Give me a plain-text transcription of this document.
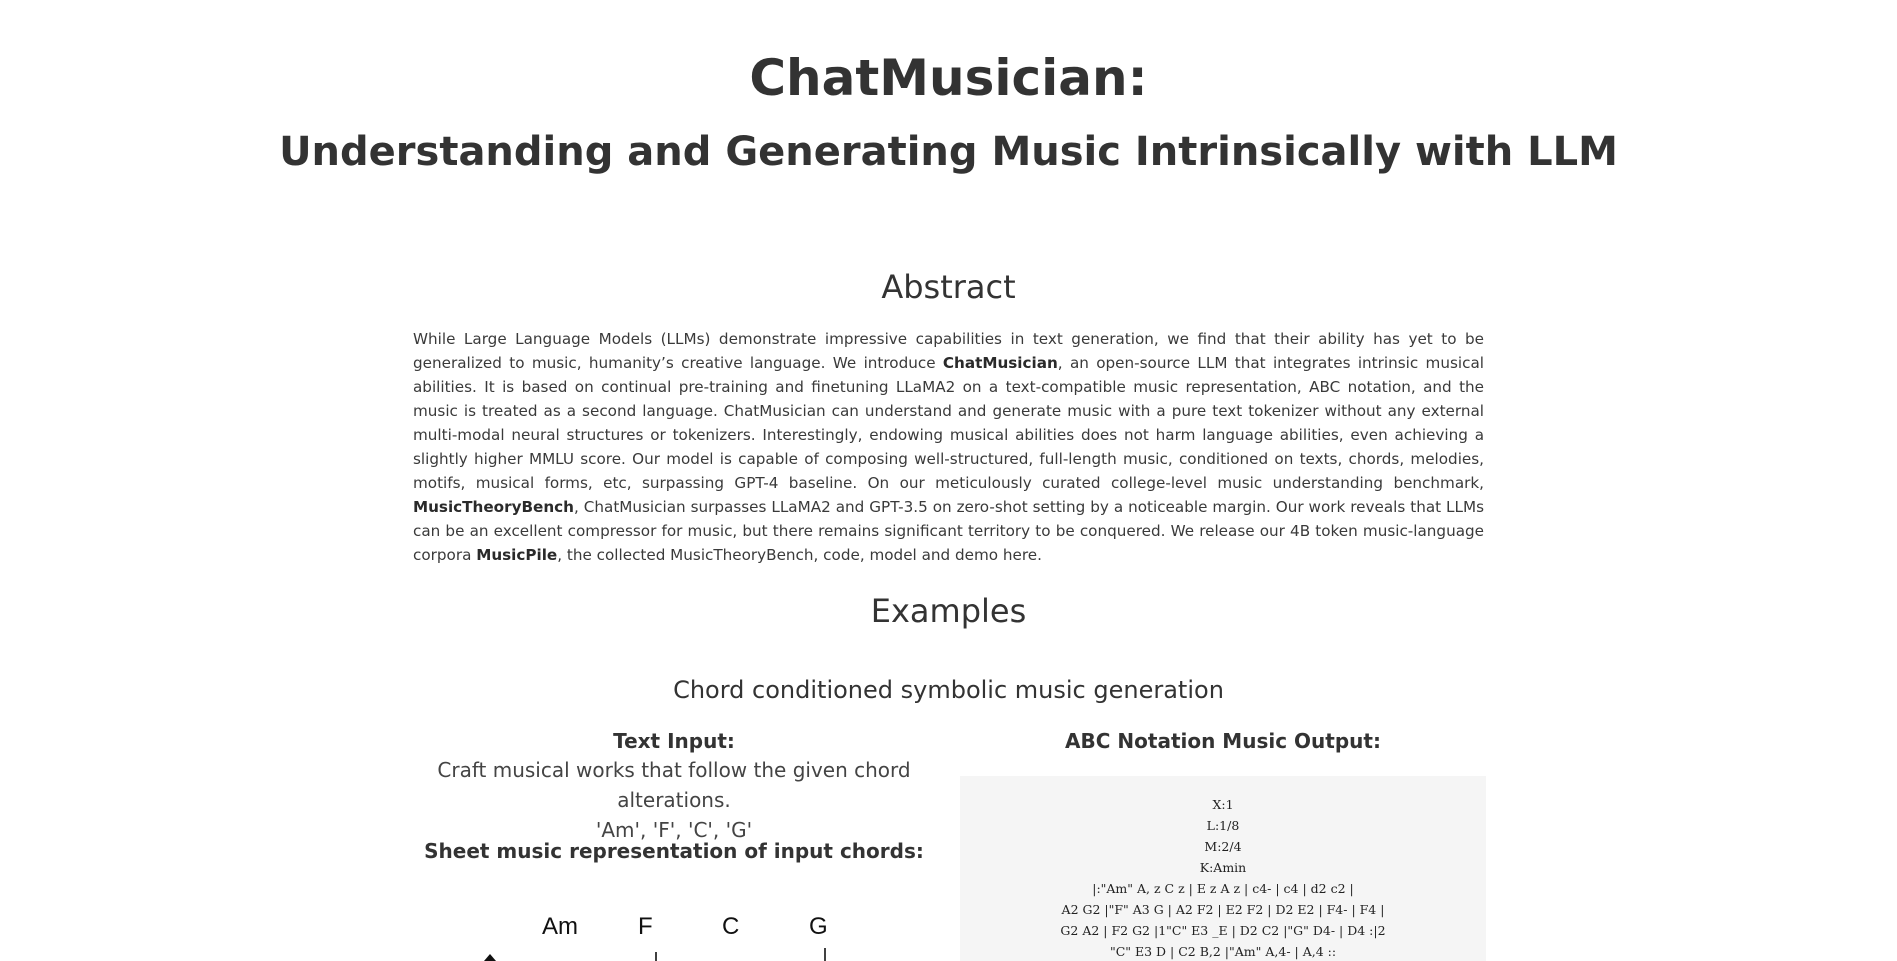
ChatMusician:
Understanding and Generating Music Intrinsically with LLM
Abstract

While Large Language Models (LLMs) demonstrate impressive capabilities in text generation, we find that their ability has yet to be generalized to music, humanity’s creative language. We introduce ChatMusician, an open-source LLM that integrates intrinsic musical abilities. It is based on continual pre-training and finetuning LLaMA2 on a text-compatible music representation, ABC notation, and the music is treated as a second language. ChatMusician can understand and generate music with a pure text tokenizer without any external multi-modal neural structures or tokenizers. Interestingly, endowing musical abilities does not harm language abilities, even achieving a slightly higher MMLU score. Our model is capable of composing well-structured, full-length music, conditioned on texts, chords, melodies, motifs, musical forms, etc, surpassing GPT-4 baseline. On our meticulously curated college-level music understanding benchmark, MusicTheoryBench, ChatMusician surpasses LLaMA2 and GPT-3.5 on zero-shot setting by a noticeable margin. Our work reveals that LLMs can be an excellent compressor for music, but there remains significant territory to be conquered. We release our 4B token music-language corpora MusicPile, the collected MusicTheoryBench, code, model and demo here.

Examples
Chord conditioned symbolic music generation

Text Input:

Craft musical works that follow the given chord alterations.

'Am', 'F', 'C', 'G'

Sheet music representation of input chords:

Am	F	C	G

ABC Notation Music Output:

X:1
L:1/8
M:2/4
K:Amin
|:"Am" A, z C z | E z A z | c4- | c4 | d2 c2 |
A2 G2 |"F" A3 G | A2 F2 | E2 F2 | D2 E2 | F4- | F4 |
G2 A2 | F2 G2 |1"C" E3 _E | D2 C2 |"G" D4- | D4 :|2
"C" E3 D | C2 B,2 |"Am" A,4- | A,4 ::
